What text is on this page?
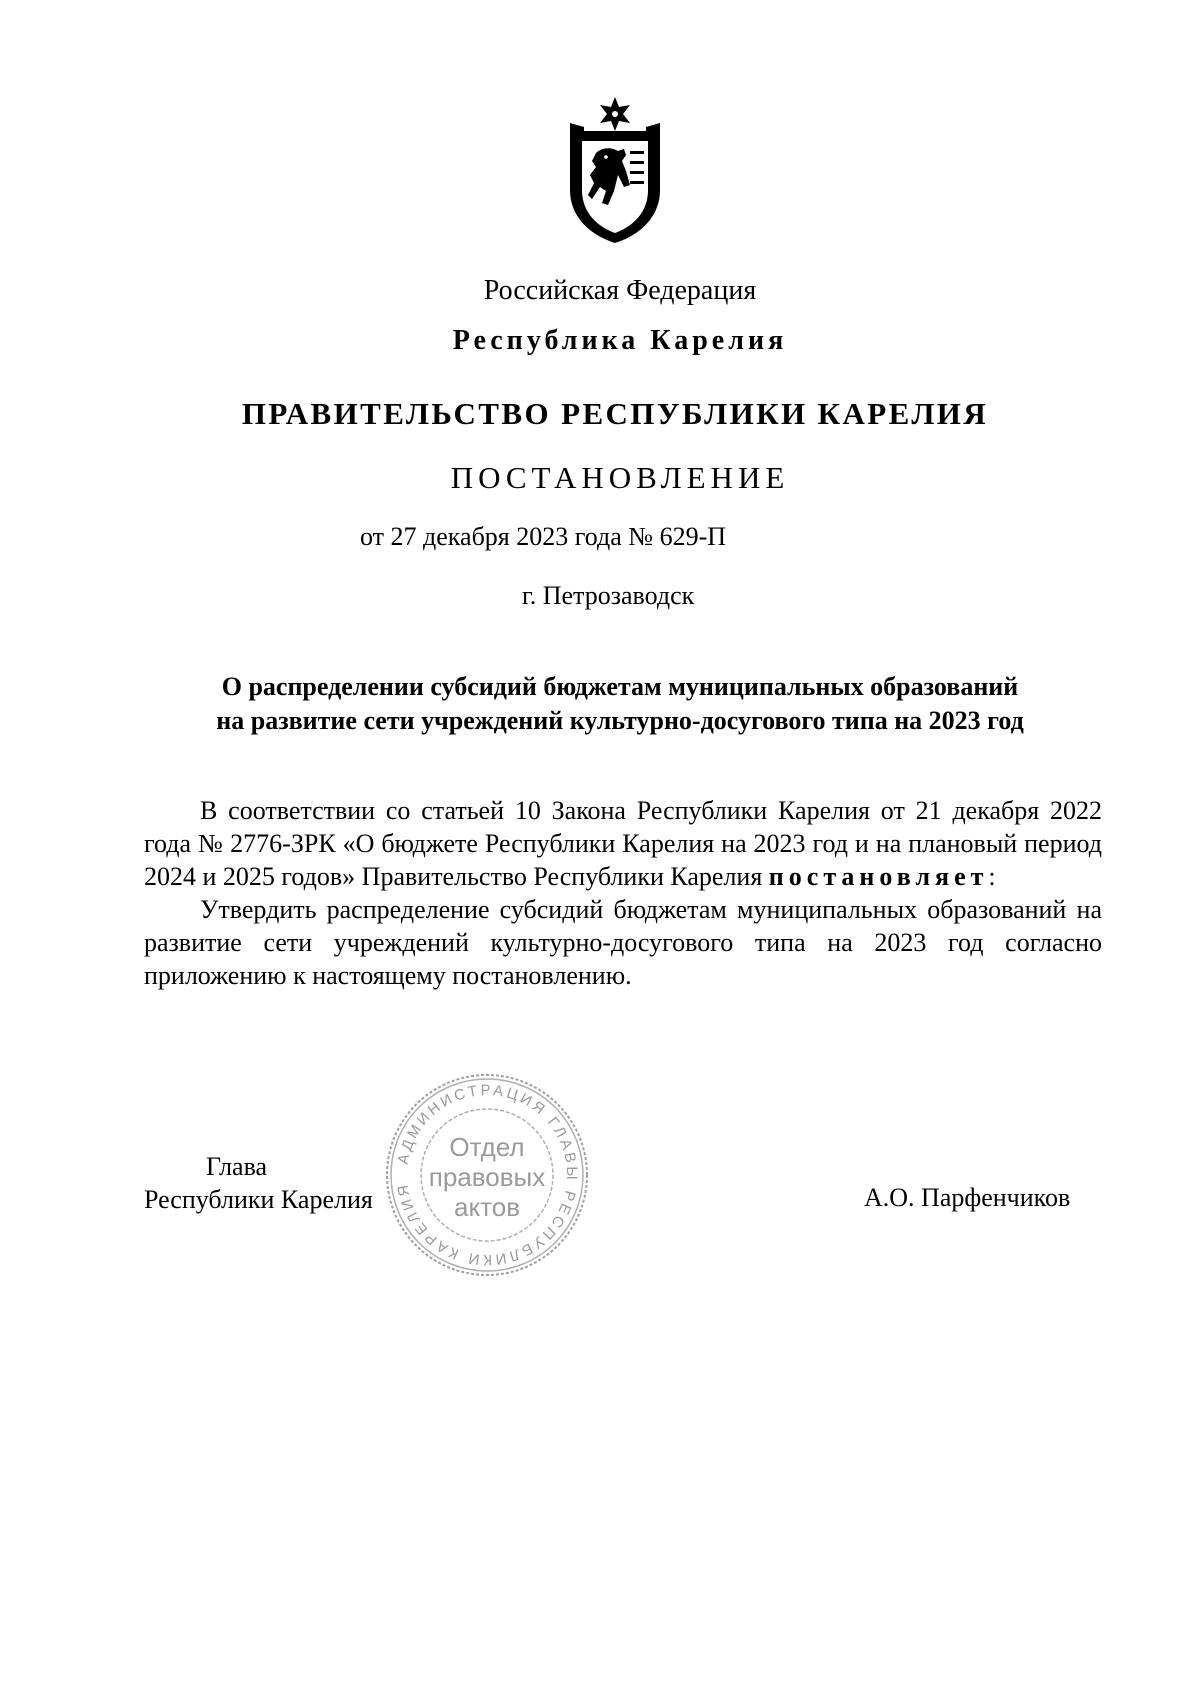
Российская Федерация
Республика Карелия
ПРАВИТЕЛЬСТВО РЕСПУБЛИКИ КАРЕЛИЯ
ПОСТАНОВЛЕНИЕ
от 27 декабря 2023 года № 629-П
г. Петрозаводск
О распределении субсидий бюджетам муниципальных образований
на развитие сети учреждений культурно-досугового типа на 2023 год

В соответствии со статьей 10 Закона Республики Карелия от 21 декабря 2022 года № 2776-ЗРК «О бюджете Республики Карелия на 2023 год и на плановый период 2024 и 2025 годов» Правительство Республики Карелия постановляет:

Утвердить распределение субсидий бюджетам муниципальных образований на развитие сети учреждений культурно-досугового типа на 2023 год согласно приложению к настоящему постановлению.

Глава
Республики Карелия	А.О. Парфенчиков
АДМИНИСТРАЦИЯ ГЛАВЫ РЕСПУБЛИКИ КАРЕЛИЯ
Отдел
правовых
актов
